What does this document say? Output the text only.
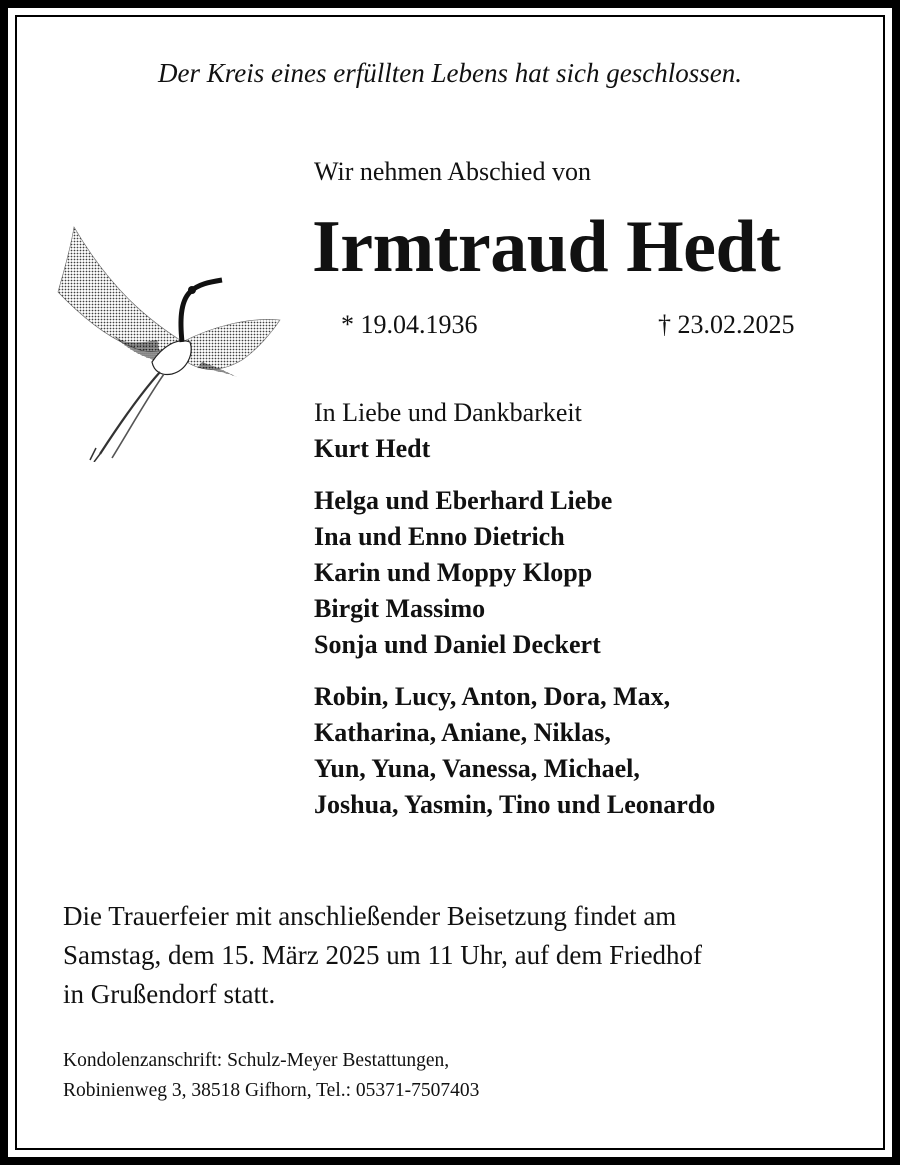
Der Kreis eines erfüllten Lebens hat sich geschlossen.
Wir nehmen Abschied von
Irmtraud Hedt
* 19.04.1936	† 23.02.2025
In Liebe und Dankbarkeit
Kurt Hedt
Helga und Eberhard Liebe
Ina und Enno Dietrich
Karin und Moppy Klopp
Birgit Massimo
Sonja und Daniel Deckert
Robin, Lucy, Anton, Dora, Max,
Katharina, Aniane, Niklas,
Yun, Yuna, Vanessa, Michael,
Joshua, Yasmin, Tino und Leonardo
Die Trauerfeier mit anschließender Beisetzung findet am
Samstag, dem 15. März 2025 um 11 Uhr, auf dem Friedhof
in Grußendorf statt.
Kondolenzanschrift: Schulz-Meyer Bestattungen,
Robinienweg 3, 38518 Gifhorn, Tel.: 05371-7507403
